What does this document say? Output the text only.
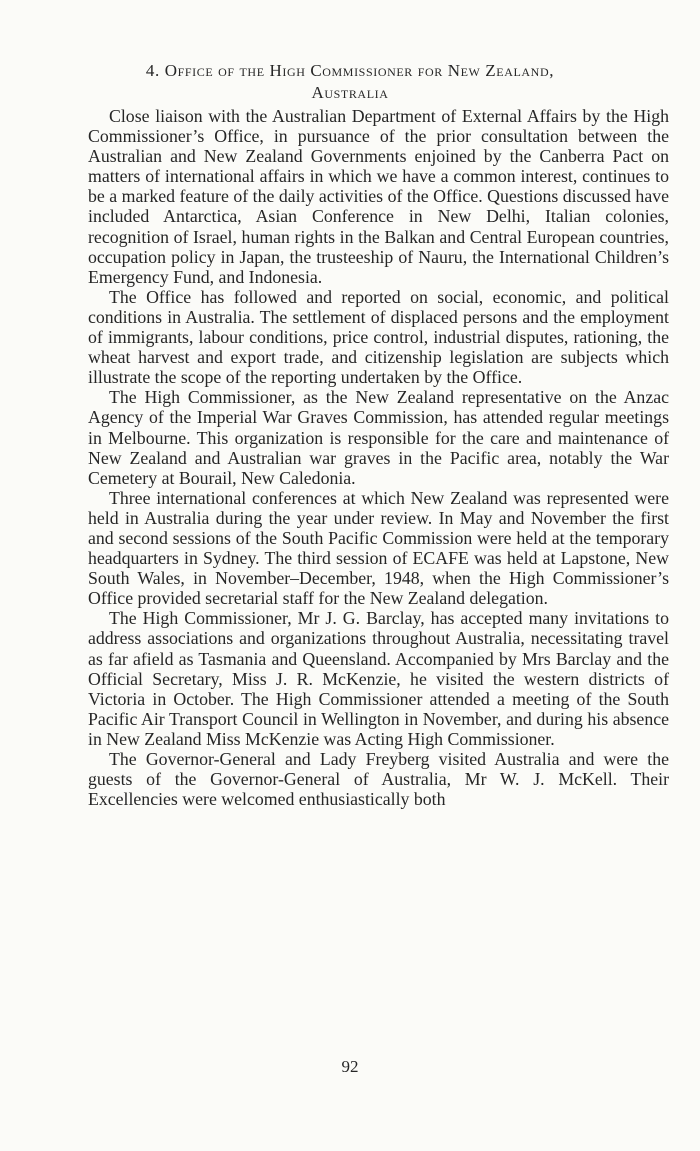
4. Office of the High Commissioner for New Zealand,
Australia

Close liaison with the Australian Department of External Affairs by the High Commissioner’s Office, in pursuance of the prior consultation between the Australian and New Zealand Governments enjoined by the Canberra Pact on matters of international affairs in which we have a common interest, continues to be a marked feature of the daily activities of the Office. Questions discussed have included Antarctica, Asian Conference in New Delhi, Italian colonies, recognition of Israel, human rights in the Balkan and Central European countries, occupation policy in Japan, the trusteeship of Nauru, the International Children’s Emergency Fund, and Indonesia.

The Office has followed and reported on social, economic, and political conditions in Australia. The settlement of displaced persons and the employment of immigrants, labour conditions, price control, industrial disputes, rationing, the wheat harvest and export trade, and citizenship legislation are subjects which illustrate the scope of the reporting undertaken by the Office.

The High Commissioner, as the New Zealand representative on the Anzac Agency of the Imperial War Graves Commission, has attended regular meetings in Melbourne. This organization is responsible for the care and maintenance of New Zealand and Australian war graves in the Pacific area, notably the War Cemetery at Bourail, New Caledonia.

Three international conferences at which New Zealand was represented were held in Australia during the year under review. In May and November the first and second sessions of the South Pacific Commission were held at the temporary headquarters in Sydney. The third session of ECAFE was held at Lapstone, New South Wales, in November–December, 1948, when the High Commissioner’s Office provided secretarial staff for the New Zealand delegation.

The High Commissioner, Mr J. G. Barclay, has accepted many invitations to address associations and organizations throughout Australia, necessitating travel as far afield as Tasmania and Queensland. Accompanied by Mrs Barclay and the Official Secretary, Miss J. R. McKenzie, he visited the western districts of Victoria in October. The High Commissioner attended a meeting of the South Pacific Air Transport Council in Wellington in November, and during his absence in New Zealand Miss McKenzie was Acting High Commissioner.

The Governor-General and Lady Freyberg visited Australia and were the guests of the Governor-General of Australia, Mr W. J. McKell. Their Excellencies were welcomed enthusiastically both

92
